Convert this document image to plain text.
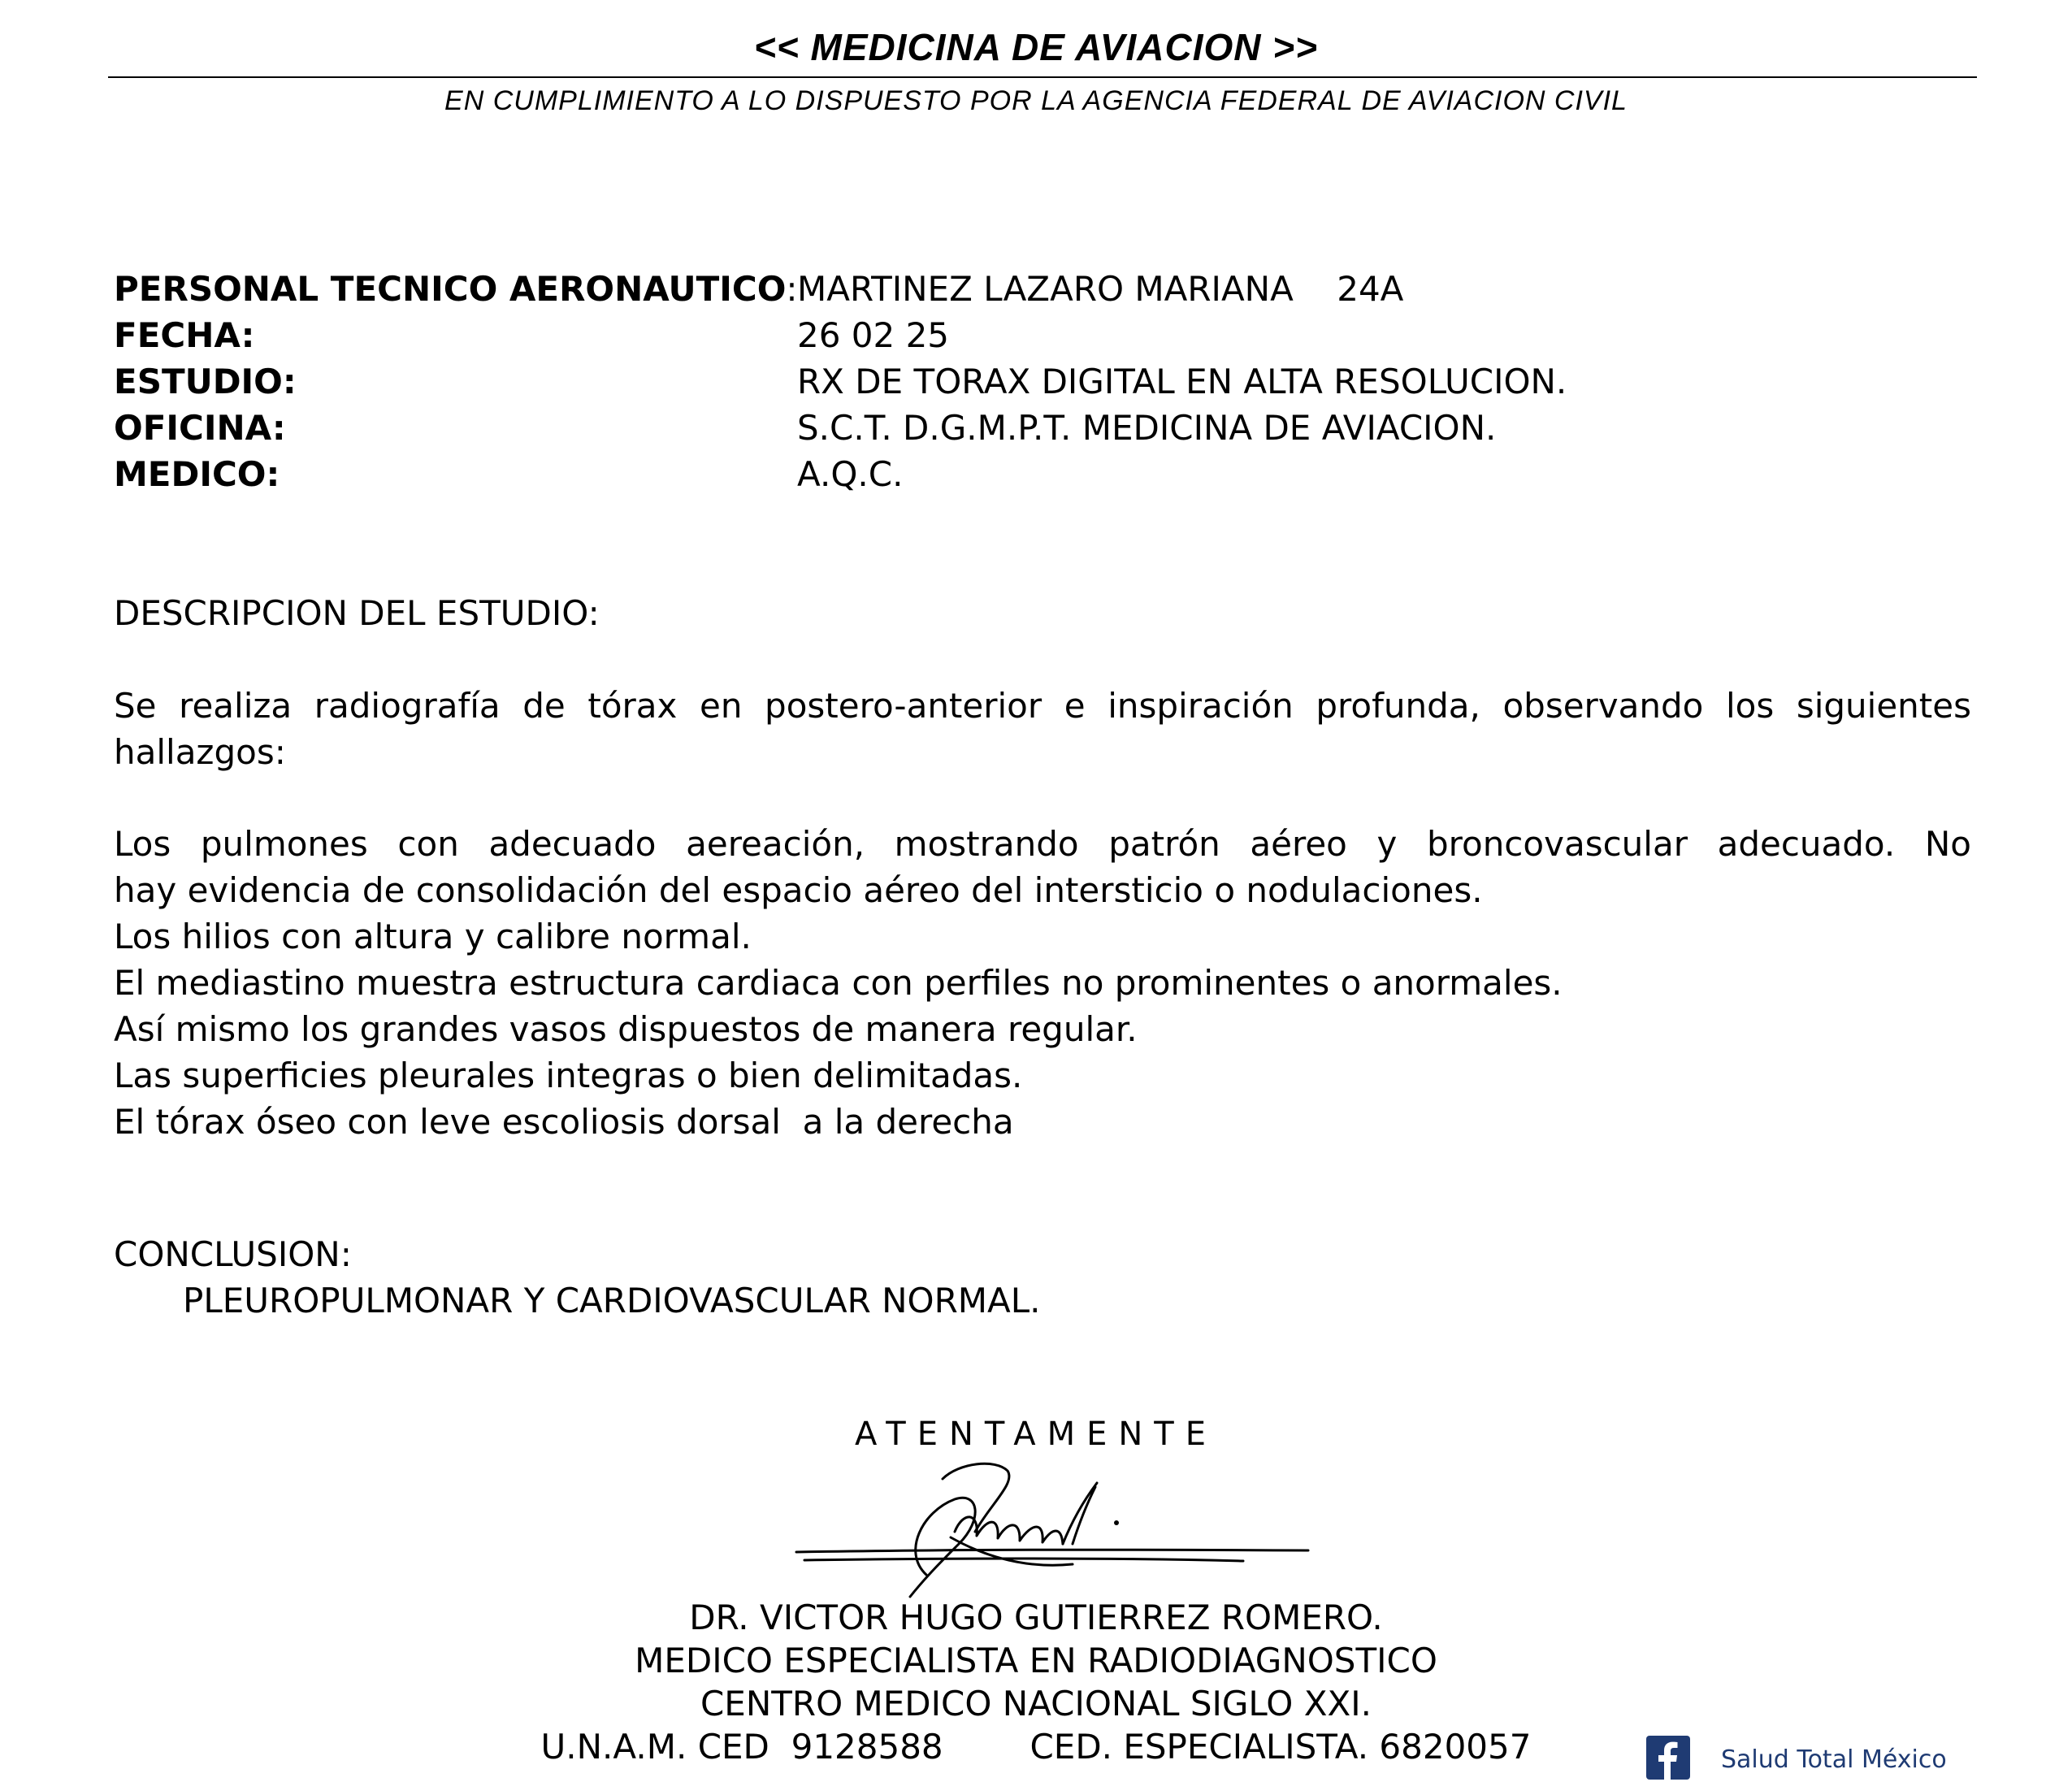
<< MEDICINA DE AVIACION >>
EN CUMPLIMIENTO A LO DISPUESTO POR LA AGENCIA FEDERAL DE AVIACION CIVIL
PERSONAL TECNICO AERONAUTICO: MARTINEZ LAZARO MARIANA    24A
FECHA:	26 02 25
ESTUDIO:	RX DE TORAX DIGITAL EN ALTA RESOLUCION.
OFICINA:	S.C.T. D.G.M.P.T. MEDICINA DE AVIACION.
MEDICO:	A.Q.C.
DESCRIPCION DEL ESTUDIO:
Se realiza radiografía de tórax en postero-anterior e inspiración profunda, observando los siguientes
hallazgos:
Los pulmones con adecuado aereación, mostrando patrón aéreo y broncovascular adecuado. No
hay evidencia de consolidación del espacio aéreo del intersticio o nodulaciones.
Los hilios con altura y calibre normal.
El mediastino muestra estructura cardiaca con perfiles no prominentes o anormales.
Así mismo los grandes vasos dispuestos de manera regular.
Las superficies pleurales integras o bien delimitadas.
El tórax óseo con leve escoliosis dorsal  a la derecha
CONCLUSION:
PLEUROPULMONAR Y CARDIOVASCULAR NORMAL.
ATENTAMENTE
DR. VICTOR HUGO GUTIERREZ ROMERO.
MEDICO ESPECIALISTA EN RADIODIAGNOSTICO
CENTRO MEDICO NACIONAL SIGLO XXI.
U.N.A.M. CED  9128588        CED. ESPECIALISTA. 6820057	Salud Total México
